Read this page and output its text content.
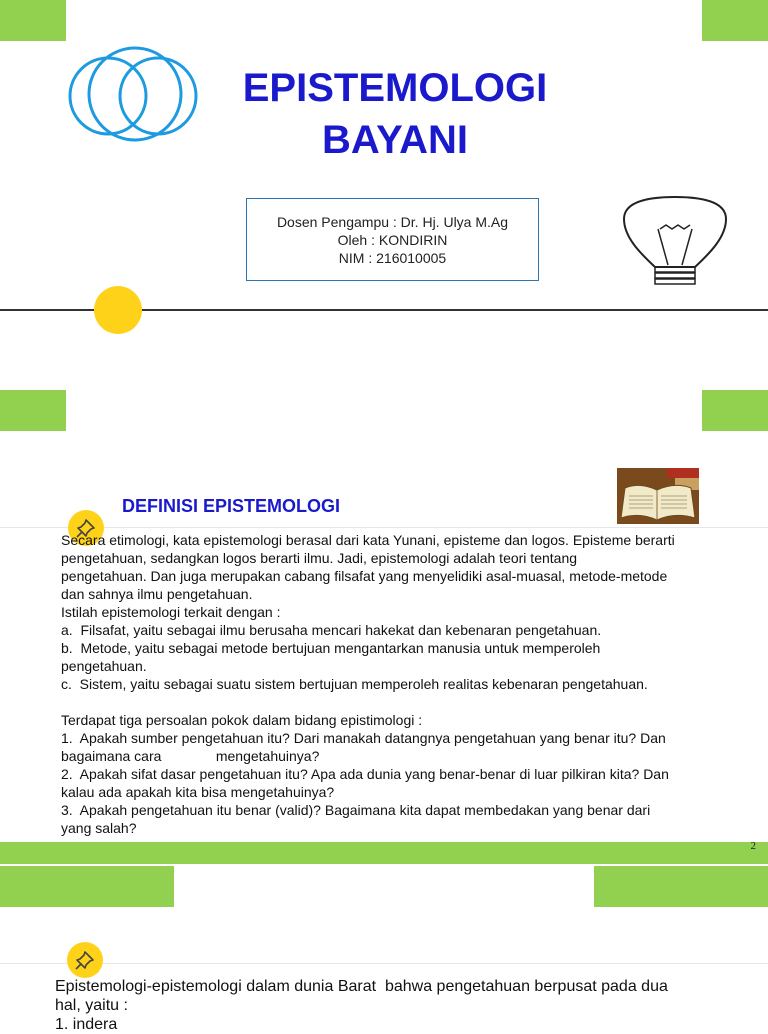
EPISTEMOLOGI
BAYANI
Dosen Pengampu : Dr. Hj. Ulya M.Ag
Oleh : KONDIRIN
NIM : 216010005
DEFINISI EPISTEMOLOGI
Secara etimologi, kata epistemologi berasal dari kata Yunani, episteme dan logos. Episteme berarti
pengetahuan, sedangkan logos berarti ilmu. Jadi, epistemologi adalah teori tentang
pengetahuan. Dan juga merupakan cabang filsafat yang menyelidiki asal-muasal, metode-metode
dan sahnya ilmu pengetahuan.
Istilah epistemologi terkait dengan :
a.  Filsafat, yaitu sebagai ilmu berusaha mencari hakekat dan kebenaran pengetahuan.
b.  Metode, yaitu sebagai metode bertujuan mengantarkan manusia untuk memperoleh
pengetahuan.
c.  Sistem, yaitu sebagai suatu sistem bertujuan memperoleh realitas kebenaran pengetahuan.
Terdapat tiga persoalan pokok dalam bidang epistimologi :
1.  Apakah sumber pengetahuan itu? Dari manakah datangnya pengetahuan yang benar itu? Dan
bagaimana cara              mengetahuinya?
2.  Apakah sifat dasar pengetahuan itu? Apa ada dunia yang benar-benar di luar pilkiran kita? Dan
kalau ada apakah kita bisa mengetahuinya?
3.  Apakah pengetahuan itu benar (valid)? Bagaimana kita dapat membedakan yang benar dari
yang salah?
2
Epistemologi-epistemologi dalam dunia Barat  bahwa pengetahuan berpusat pada dua
hal, yaitu :
1. indera
